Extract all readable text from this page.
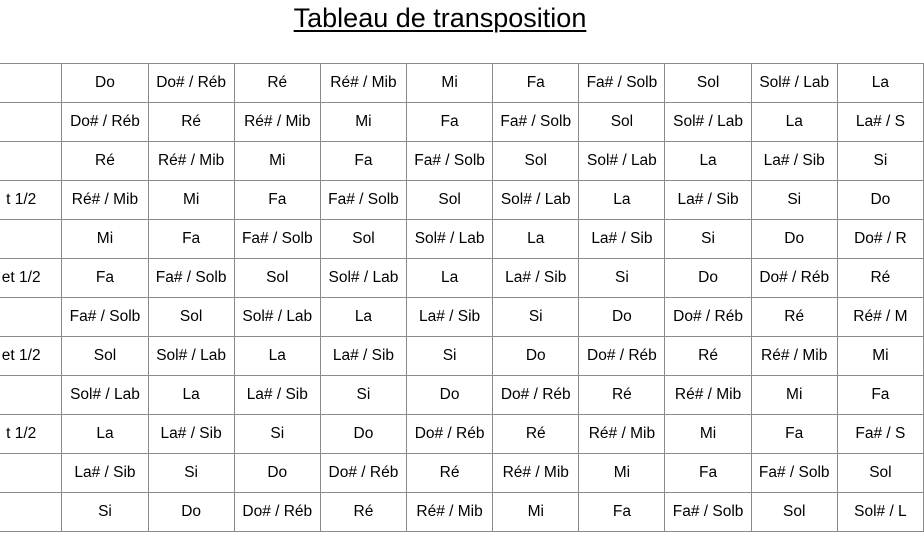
Tableau de transposition
	Do	Do# / Réb	Ré	Ré# / Mib	Mi	Fa	Fa# / Solb	Sol	Sol# / Lab	La
	Do# / Réb	Ré	Ré# / Mib	Mi	Fa	Fa# / Solb	Sol	Sol# / Lab	La	La# / S
	Ré	Ré# / Mib	Mi	Fa	Fa# / Solb	Sol	Sol# / Lab	La	La# / Sib	Si
t 1/2	Ré# / Mib	Mi	Fa	Fa# / Solb	Sol	Sol# / Lab	La	La# / Sib	Si	Do
	Mi	Fa	Fa# / Solb	Sol	Sol# / Lab	La	La# / Sib	Si	Do	Do# / R
et 1/2	Fa	Fa# / Solb	Sol	Sol# / Lab	La	La# / Sib	Si	Do	Do# / Réb	Ré
	Fa# / Solb	Sol	Sol# / Lab	La	La# / Sib	Si	Do	Do# / Réb	Ré	Ré# / M
et 1/2	Sol	Sol# / Lab	La	La# / Sib	Si	Do	Do# / Réb	Ré	Ré# / Mib	Mi
	Sol# / Lab	La	La# / Sib	Si	Do	Do# / Réb	Ré	Ré# / Mib	Mi	Fa
t 1/2	La	La# / Sib	Si	Do	Do# / Réb	Ré	Ré# / Mib	Mi	Fa	Fa# / S
	La# / Sib	Si	Do	Do# / Réb	Ré	Ré# / Mib	Mi	Fa	Fa# / Solb	Sol
	Si	Do	Do# / Réb	Ré	Ré# / Mib	Mi	Fa	Fa# / Solb	Sol	Sol# / L
